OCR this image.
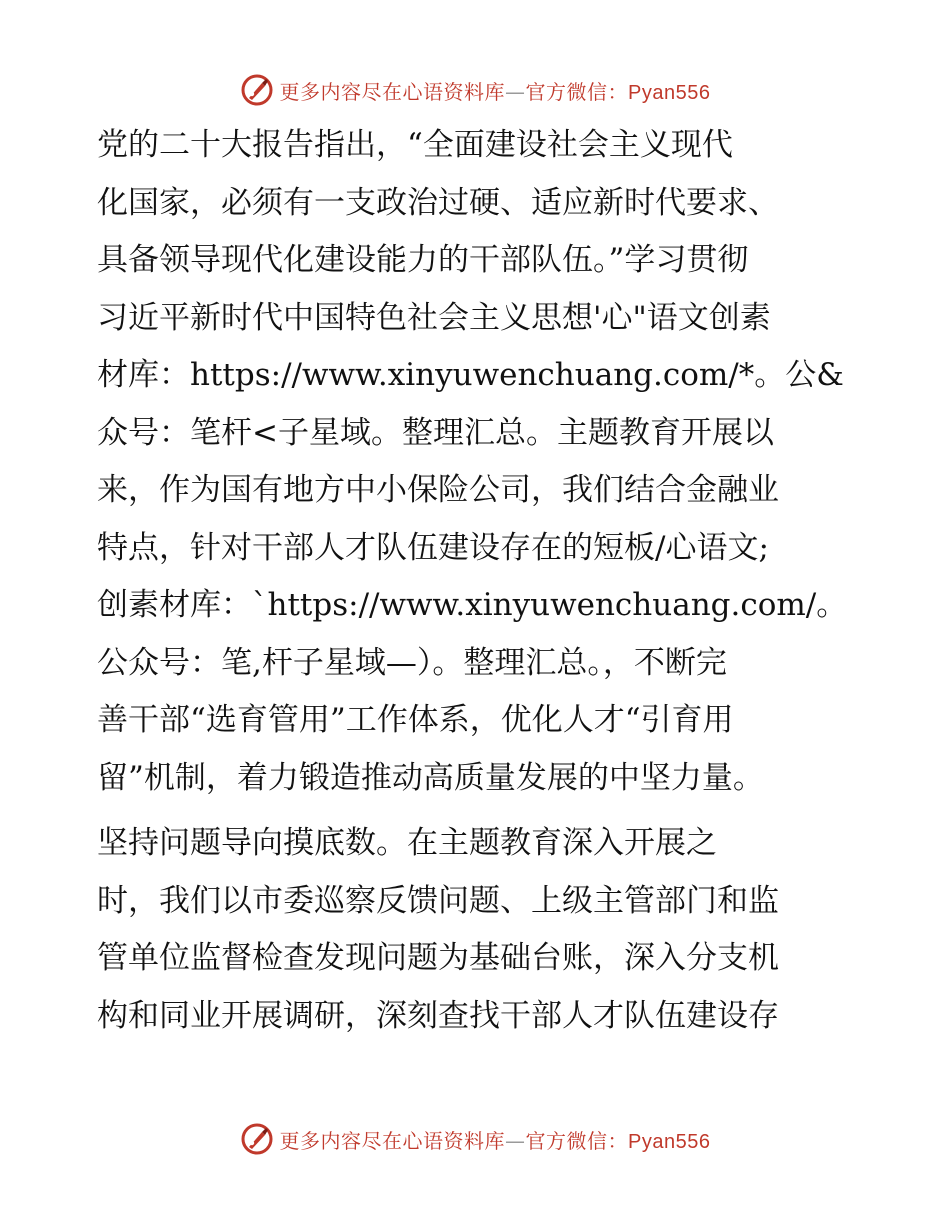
更多内容尽在心语资料库—官方微信：Pyan556
党的二十大报告指出，“全面建设社会主义现代
化国家，必须有一支政治过硬、适应新时代要求、
具备领导现代化建设能力的干部队伍。”学习贯彻
习近平新时代中国特色社会主义思想'心"语文创素
材库：https://www.xinyuwenchuang.com/*。公&
众号：笔杆<子星域。整理汇总。主题教育开展以
来，作为国有地方中小保险公司，我们结合金融业
特点，针对干部人才队伍建设存在的短板/心语文;
创素材库：`https://www.xinyuwenchuang.com/。
公众号：笔,杆子星域—）。整理汇总。，不断完
善干部“选育管用”工作体系，优化人才“引育用
留”机制，着力锻造推动高质量发展的中坚力量。
坚持问题导向摸底数。在主题教育深入开展之
时，我们以市委巡察反馈问题、上级主管部门和监
管单位监督检查发现问题为基础台账，深入分支机
构和同业开展调研，深刻查找干部人才队伍建设存
更多内容尽在心语资料库—官方微信：Pyan556
